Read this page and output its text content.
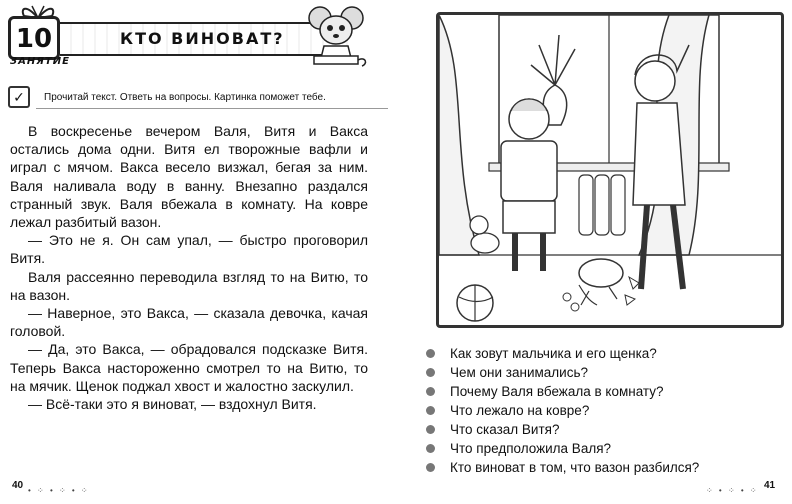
10
ЗАНЯТИЕ
КТО ВИНОВАТ?
✓	Прочитай текст. Ответь на вопросы. Картинка поможет тебе.

В воскресенье вечером Валя, Витя и Вакса остались дома одни. Витя ел творожные вафли и играл с мячом. Вакса весело визжал, бегая за ним. Валя наливала воду в ванну. Внезапно раздался странный звук. Валя вбежала в комнату. На ковре лежал разбитый вазон.

— Это не я. Он сам упал, — быстро проговорил Витя.

Валя рассеянно переводила взгляд то на Витю, то на вазон.

— Наверное, это Вакса, — сказала девочка, качая головой.

— Да, это Вакса, — обрадовался подсказке Витя. Теперь Вакса настороженно смотрел то на Витю, то на мячик. Щенок поджал хвост и жалостно заскулил.

— Всё-таки это я виноват, — вздохнул Витя.

40 • ⁘ • ⁘ • ⁘
Как зовут мальчика и его щенка?
Чем они занимались?
Почему Валя вбежала в комнату?
Что лежало на ковре?
Что сказал Витя?
Что предположила Валя?
Кто виноват в том, что вазон разбился?
⁘ • ⁘ • ⁘ 41
